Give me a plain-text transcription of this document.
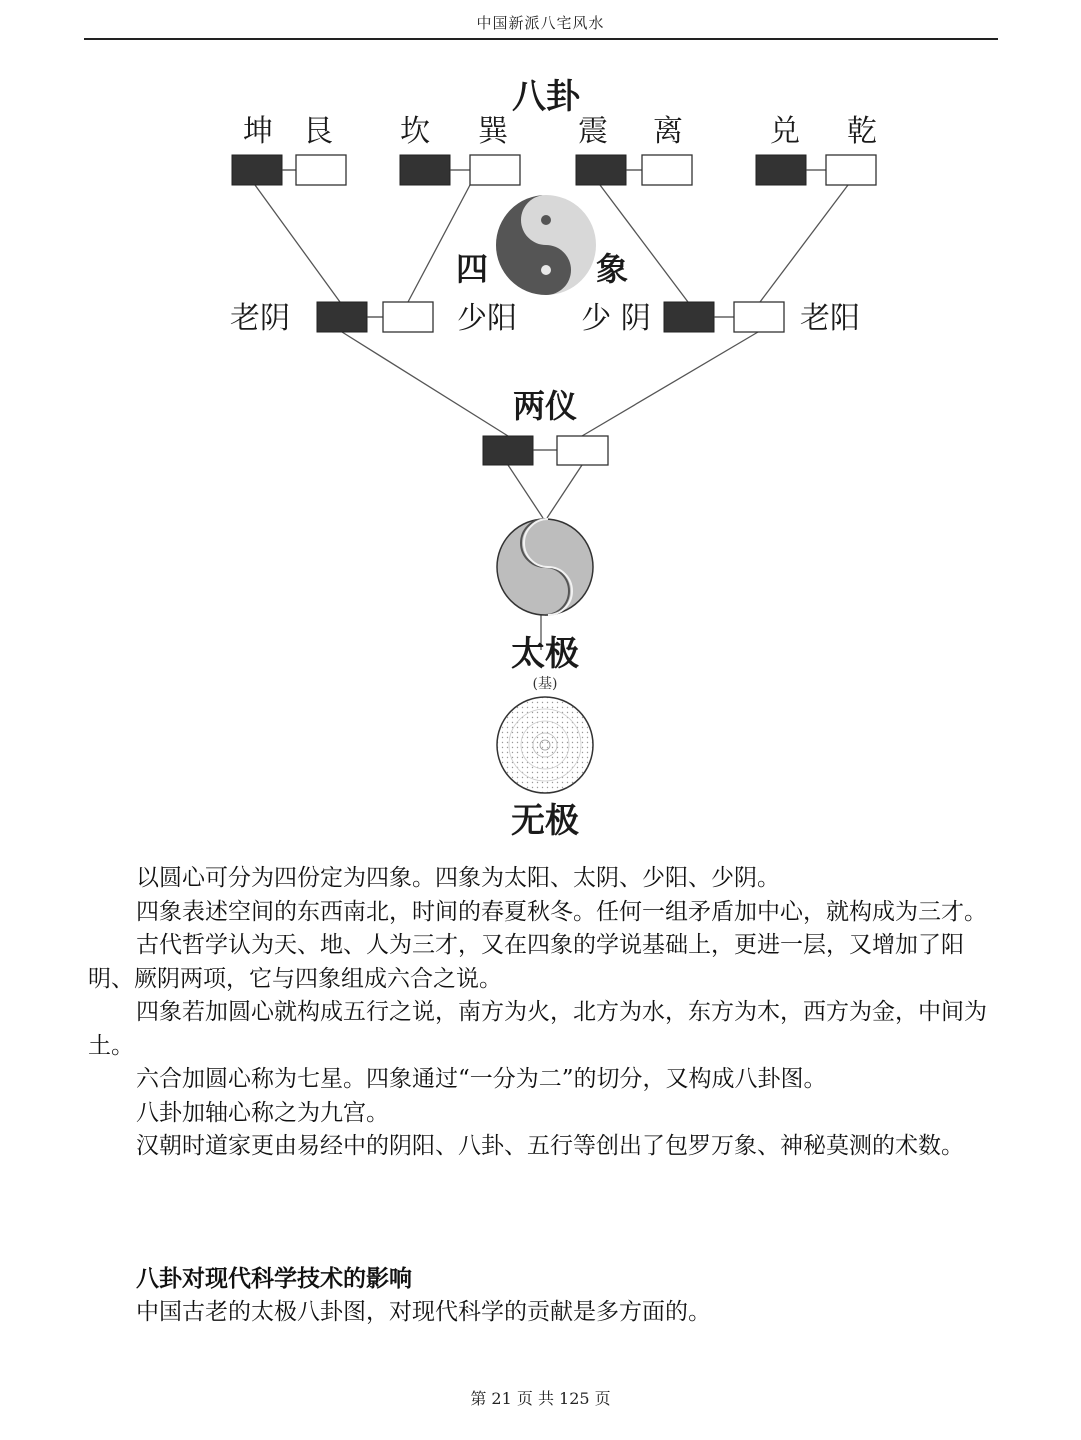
中国新派八宅风水
八卦
坤 艮 坎 巽 震 离	兑 乾
四	象
老阴	少阳 少 阴	老阳
两仪
太极
(基)
无极

以圆心可分为四份定为四象。四象为太阳、太阴、少阳、少阴。

四象表述空间的东西南北，时间的春夏秋冬。任何一组矛盾加中心，就构成为三才。

古代哲学认为天、地、人为三才，又在四象的学说基础上，更进一层，又增加了阳明、厥阴两项，它与四象组成六合之说。

四象若加圆心就构成五行之说，南方为火，北方为水，东方为木，西方为金，中间为土。

六合加圆心称为七星。四象通过“一分为二”的切分，又构成八卦图。

八卦加轴心称之为九宫。

汉朝时道家更由易经中的阴阳、八卦、五行等创出了包罗万象、神秘莫测的术数。

八卦对现代科学技术的影响

中国古老的太极八卦图，对现代科学的贡献是多方面的。

第 21 页 共 125 页
